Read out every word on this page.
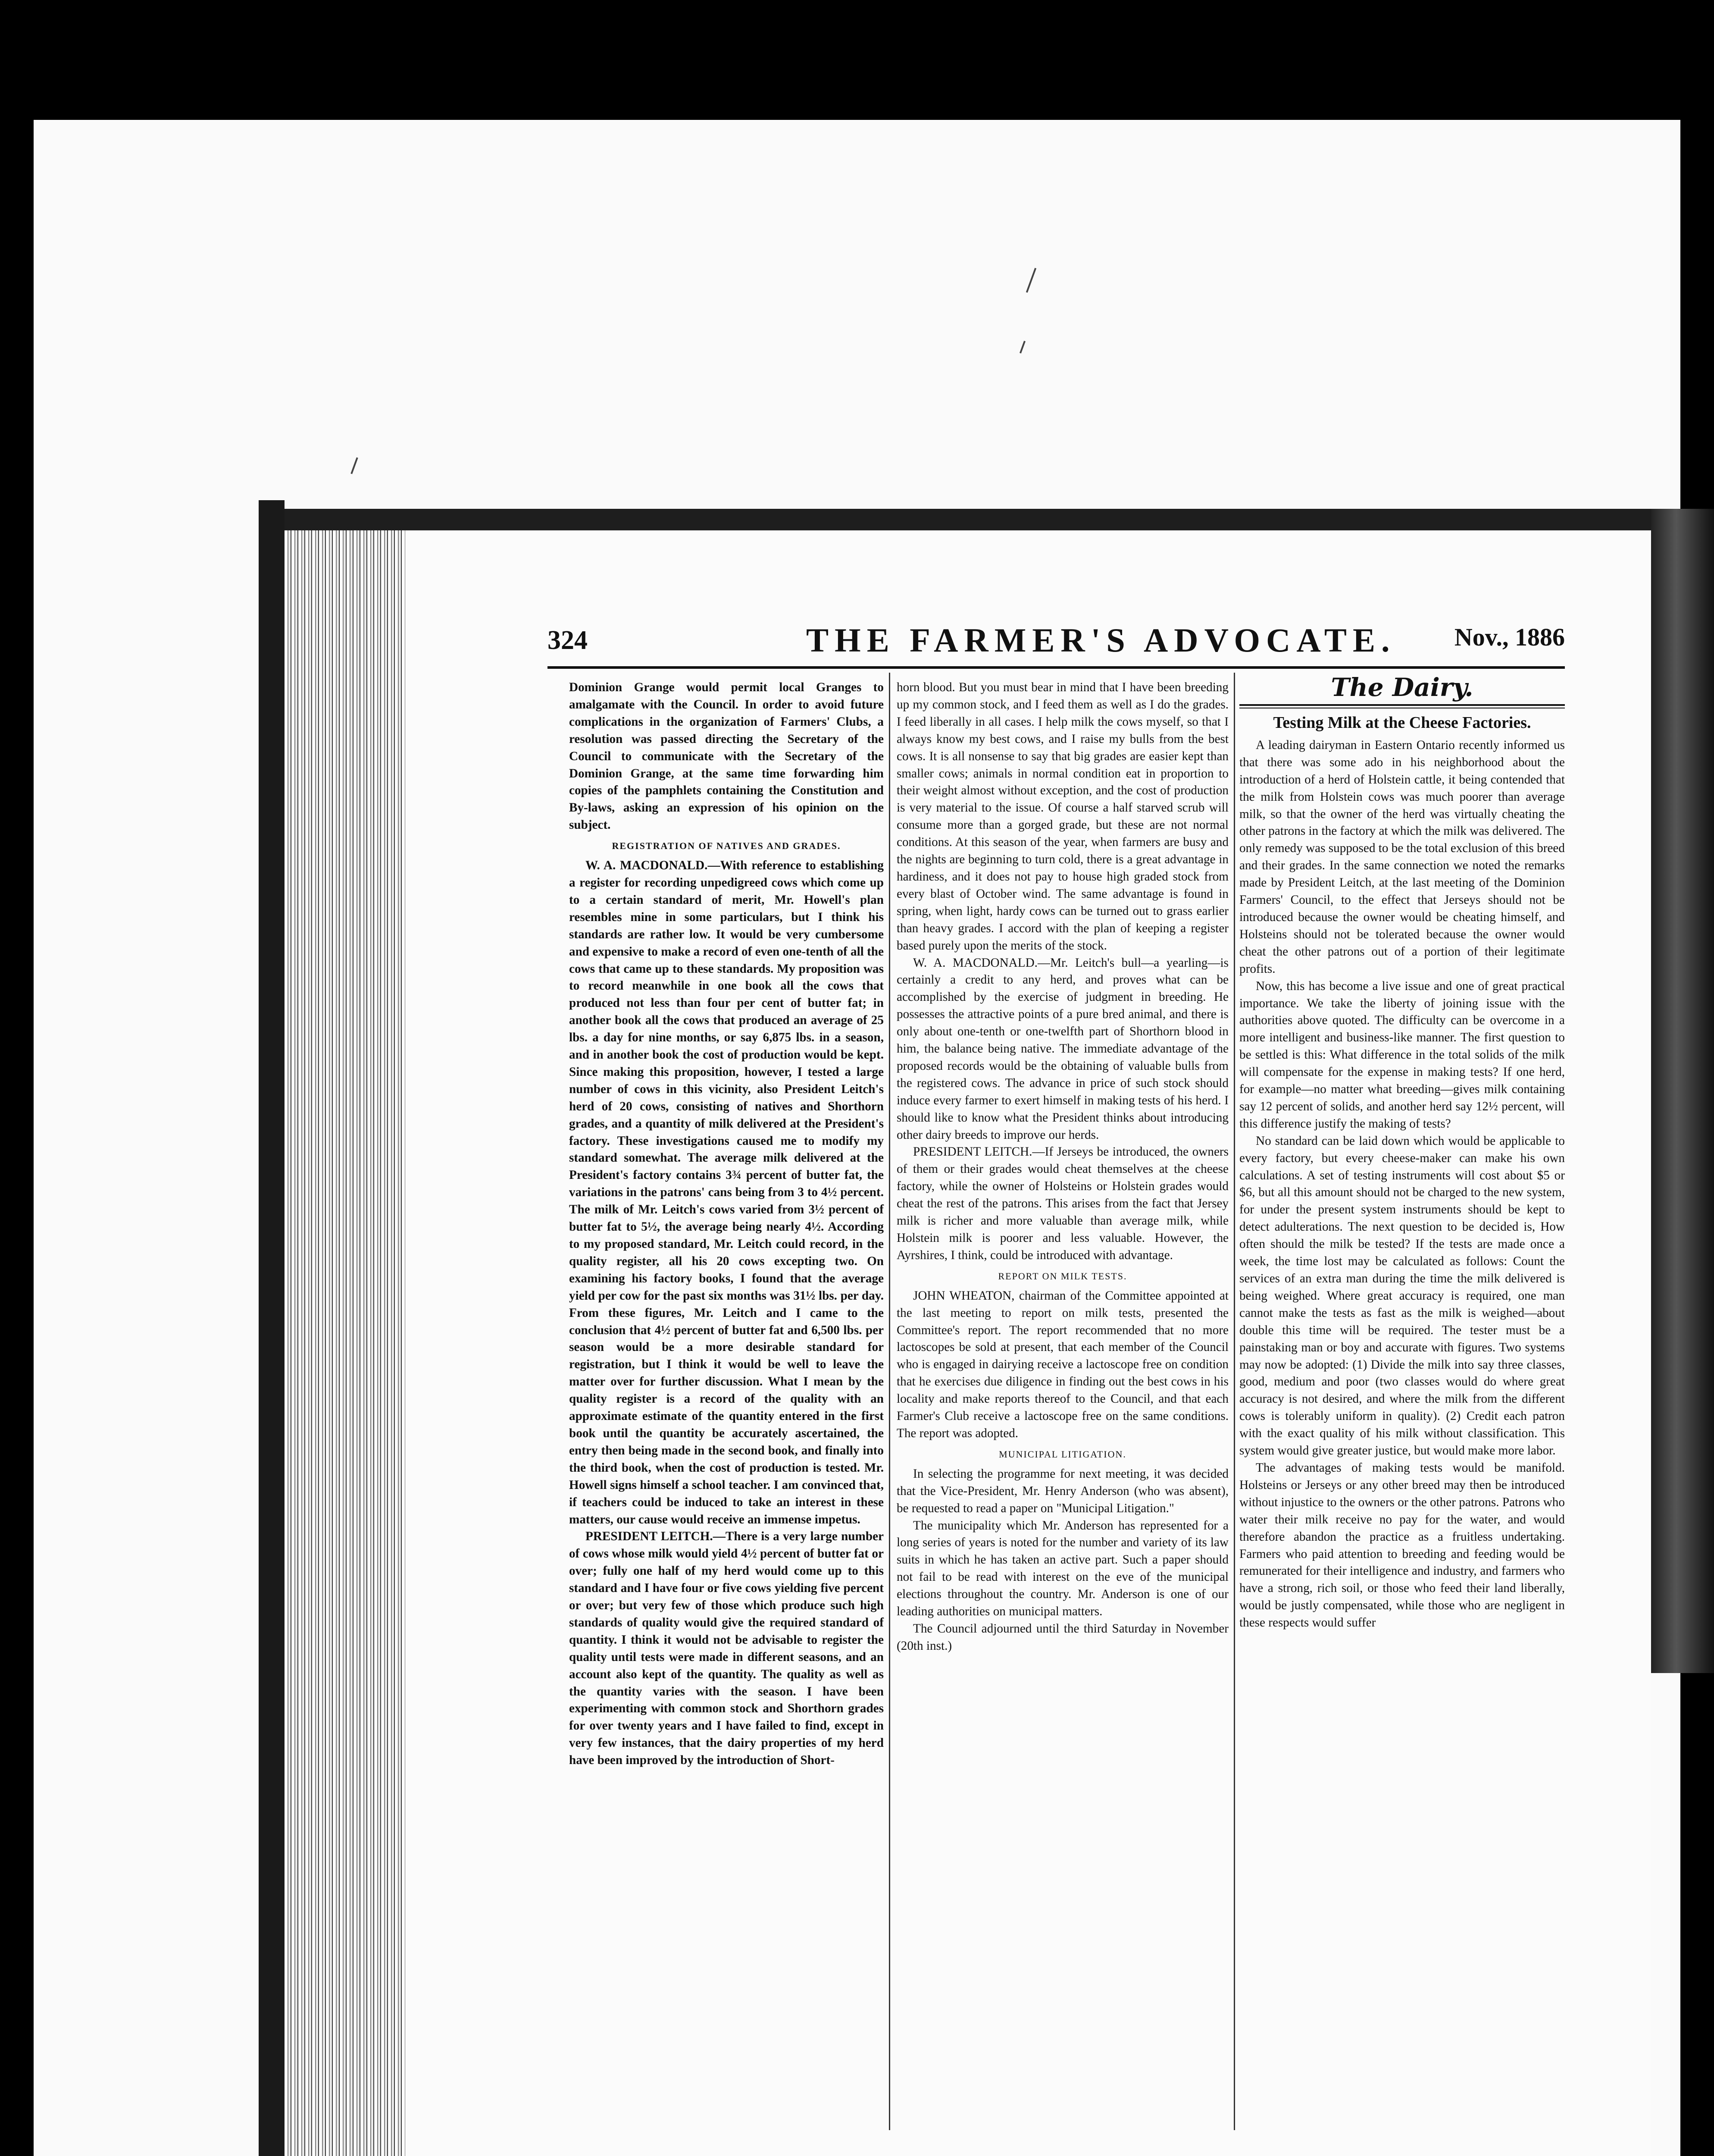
324	THE FARMER'S ADVOCATE. Nov., 1886

Dominion Grange would permit local Granges to amalgamate with the Council. In order to avoid future complications in the organization of Farmers' Clubs, a resolution was passed directing the Secretary of the Council to communicate with the Secretary of the Dominion Grange, at the same time forwarding him copies of the pamphlets containing the Constitution and By-laws, asking an expression of his opinion on the subject.

REGISTRATION OF NATIVES AND GRADES.

W. A. MACDONALD.—With reference to establishing a register for recording unpedigreed cows which come up to a certain standard of merit, Mr. Howell's plan resembles mine in some particulars, but I think his standards are rather low. It would be very cumbersome and expensive to make a record of even one-tenth of all the cows that came up to these standards. My proposition was to record meanwhile in one book all the cows that produced not less than four per cent of butter fat; in another book all the cows that produced an average of 25 lbs. a day for nine months, or say 6,875 lbs. in a season, and in another book the cost of production would be kept. Since making this proposition, however, I tested a large number of cows in this vicinity, also President Leitch's herd of 20 cows, consisting of natives and Shorthorn grades, and a quantity of milk delivered at the President's factory. These investigations caused me to modify my standard somewhat. The average milk delivered at the President's factory contains 3¾ percent of butter fat, the variations in the patrons' cans being from 3 to 4½ percent. The milk of Mr. Leitch's cows varied from 3½ percent of butter fat to 5½, the average being nearly 4½. According to my proposed standard, Mr. Leitch could record, in the quality register, all his 20 cows excepting two. On examining his factory books, I found that the average yield per cow for the past six months was 31½ lbs. per day. From these figures, Mr. Leitch and I came to the conclusion that 4½ percent of butter fat and 6,500 lbs. per season would be a more desirable standard for registration, but I think it would be well to leave the matter over for further discussion. What I mean by the quality register is a record of the quality with an approximate estimate of the quantity entered in the first book until the quantity be accurately ascertained, the entry then being made in the second book, and finally into the third book, when the cost of production is tested. Mr. Howell signs himself a school teacher. I am convinced that, if teachers could be induced to take an interest in these matters, our cause would receive an immense impetus.

PRESIDENT LEITCH.—There is a very large number of cows whose milk would yield 4½ percent of butter fat or over; fully one half of my herd would come up to this standard and I have four or five cows yielding five percent or over; but very few of those which produce such high standards of quality would give the required standard of quantity. I think it would not be advisable to register the quality until tests were made in different seasons, and an account also kept of the quantity. The quality as well as the quantity varies with the season. I have been experimenting with common stock and Shorthorn grades for over twenty years and I have failed to find, except in very few instances, that the dairy properties of my herd have been improved by the introduction of Short-

horn blood. But you must bear in mind that I have been breeding up my common stock, and I feed them as well as I do the grades. I feed liberally in all cases. I help milk the cows myself, so that I always know my best cows, and I raise my bulls from the best cows. It is all nonsense to say that big grades are easier kept than smaller cows; animals in normal condition eat in proportion to their weight almost without exception, and the cost of production is very material to the issue. Of course a half starved scrub will consume more than a gorged grade, but these are not normal conditions. At this season of the year, when farmers are busy and the nights are beginning to turn cold, there is a great advantage in hardiness, and it does not pay to house high graded stock from every blast of October wind. The same advantage is found in spring, when light, hardy cows can be turned out to grass earlier than heavy grades. I accord with the plan of keeping a register based purely upon the merits of the stock.

W. A. MACDONALD.—Mr. Leitch's bull—a yearling—is certainly a credit to any herd, and proves what can be accomplished by the exercise of judgment in breeding. He possesses the attractive points of a pure bred animal, and there is only about one-tenth or one-twelfth part of Shorthorn blood in him, the balance being native. The immediate advantage of the proposed records would be the obtaining of valuable bulls from the registered cows. The advance in price of such stock should induce every farmer to exert himself in making tests of his herd. I should like to know what the President thinks about introducing other dairy breeds to improve our herds.

PRESIDENT LEITCH.—If Jerseys be introduced, the owners of them or their grades would cheat themselves at the cheese factory, while the owner of Holsteins or Holstein grades would cheat the rest of the patrons. This arises from the fact that Jersey milk is richer and more valuable than average milk, while Holstein milk is poorer and less valuable. However, the Ayrshires, I think, could be introduced with advantage.

REPORT ON MILK TESTS.

JOHN WHEATON, chairman of the Committee appointed at the last meeting to report on milk tests, presented the Committee's report. The report recommended that no more lactoscopes be sold at present, that each member of the Council who is engaged in dairying receive a lactoscope free on condition that he exercises due diligence in finding out the best cows in his locality and make reports thereof to the Council, and that each Farmer's Club receive a lactoscope free on the same conditions. The report was adopted.

MUNICIPAL LITIGATION.

In selecting the programme for next meeting, it was decided that the Vice-President, Mr. Henry Anderson (who was absent), be requested to read a paper on "Municipal Litigation."

The municipality which Mr. Anderson has represented for a long series of years is noted for the number and variety of its law suits in which he has taken an active part. Such a paper should not fail to be read with interest on the eve of the municipal elections throughout the country. Mr. Anderson is one of our leading authorities on municipal matters.

The Council adjourned until the third Saturday in November (20th inst.)

The Dairy.

Testing Milk at the Cheese Factories.

A leading dairyman in Eastern Ontario recently informed us that there was some ado in his neighborhood about the introduction of a herd of Holstein cattle, it being contended that the milk from Holstein cows was much poorer than average milk, so that the owner of the herd was virtually cheating the other patrons in the factory at which the milk was delivered. The only remedy was supposed to be the total exclusion of this breed and their grades. In the same connection we noted the remarks made by President Leitch, at the last meeting of the Dominion Farmers' Council, to the effect that Jerseys should not be introduced because the owner would be cheating himself, and Holsteins should not be tolerated because the owner would cheat the other patrons out of a portion of their legitimate profits.

Now, this has become a live issue and one of great practical importance. We take the liberty of joining issue with the authorities above quoted. The difficulty can be overcome in a more intelligent and business-like manner. The first question to be settled is this: What difference in the total solids of the milk will compensate for the expense in making tests? If one herd, for example—no matter what breeding—gives milk containing say 12 percent of solids, and another herd say 12½ percent, will this difference justify the making of tests?

No standard can be laid down which would be applicable to every factory, but every cheese-maker can make his own calculations. A set of testing instruments will cost about $5 or $6, but all this amount should not be charged to the new system, for under the present system instruments should be kept to detect adulterations. The next question to be decided is, How often should the milk be tested? If the tests are made once a week, the time lost may be calculated as follows: Count the services of an extra man during the time the milk delivered is being weighed. Where great accuracy is required, one man cannot make the tests as fast as the milk is weighed—about double this time will be required. The tester must be a painstaking man or boy and accurate with figures. Two systems may now be adopted: (1) Divide the milk into say three classes, good, medium and poor (two classes would do where great accuracy is not desired, and where the milk from the different cows is tolerably uniform in quality). (2) Credit each patron with the exact quality of his milk without classification. This system would give greater justice, but would make more labor.

The advantages of making tests would be manifold. Holsteins or Jerseys or any other breed may then be introduced without injustice to the owners or the other patrons. Patrons who water their milk receive no pay for the water, and would therefore abandon the practice as a fruitless undertaking. Farmers who paid attention to breeding and feeding would be remunerated for their intelligence and industry, and farmers who have a strong, rich soil, or those who feed their land liberally, would be justly compensated, while those who are negligent in these respects would suffer
